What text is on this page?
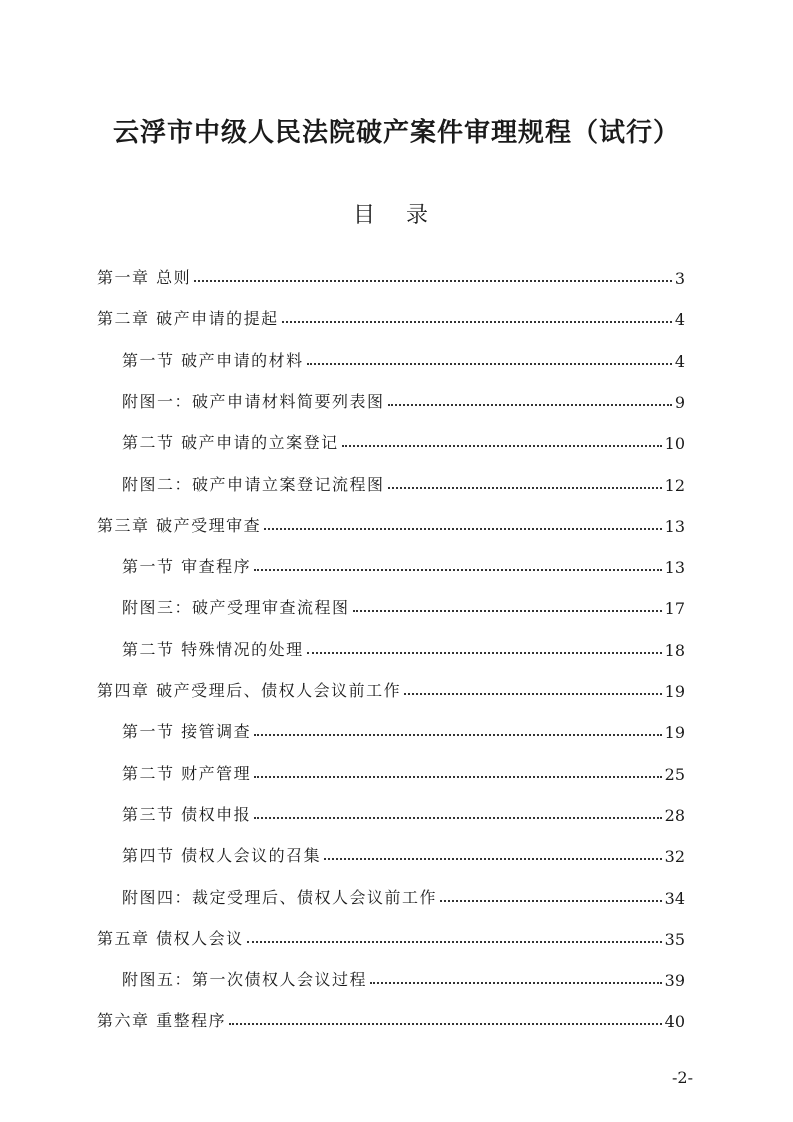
云浮市中级人民法院破产案件审理规程（试行）
目 录
第一章 总则	3
第二章 破产申请的提起	4
第一节 破产申请的材料	4
附图一：破产申请材料简要列表图	9
第二节 破产申请的立案登记	10
附图二：破产申请立案登记流程图	12
第三章 破产受理审查	13
第一节 审查程序	13
附图三：破产受理审查流程图	17
第二节 特殊情况的处理	18
第四章 破产受理后、债权人会议前工作	19
第一节 接管调查	19
第二节 财产管理	25
第三节 债权申报	28
第四节 债权人会议的召集	32
附图四：裁定受理后、债权人会议前工作	34
第五章 债权人会议	35
附图五：第一次债权人会议过程	39
第六章 重整程序	40
-2-
